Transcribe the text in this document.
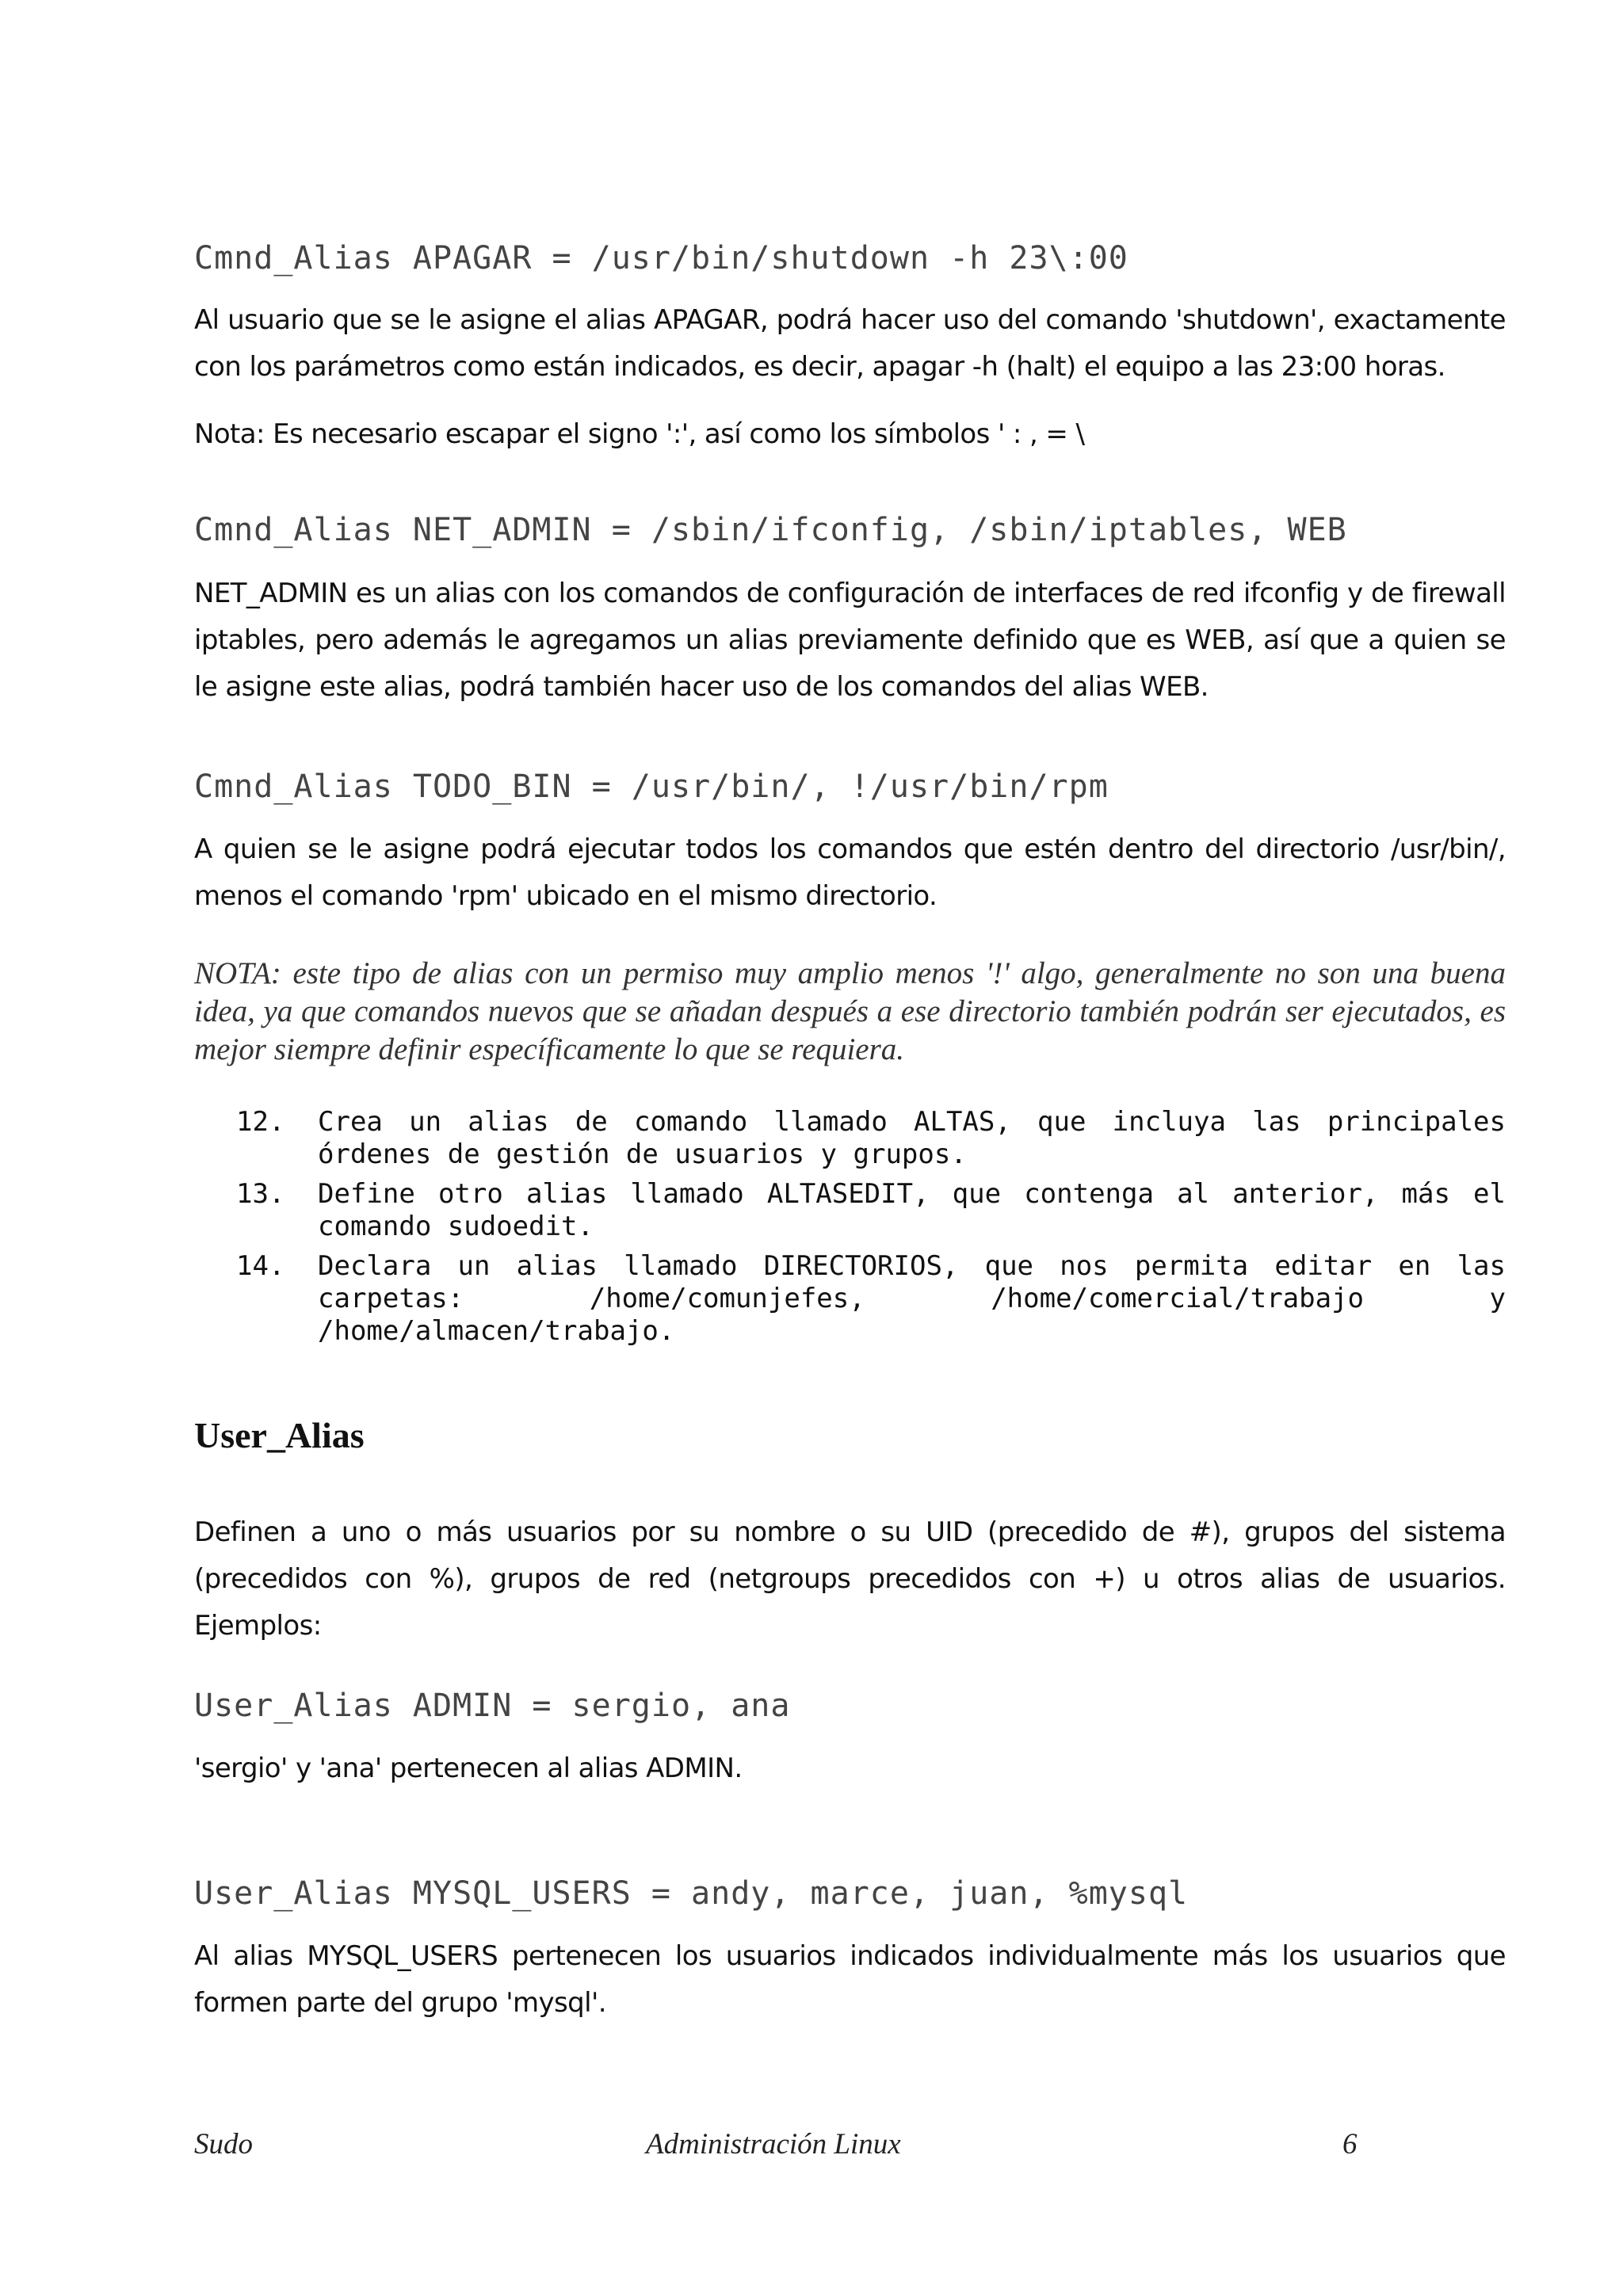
Cmnd_Alias APAGAR = /usr/bin/shutdown -h 23\:00

Al usuario que se le asigne el alias APAGAR, podrá hacer uso del comando 'shutdown', exactamente con los parámetros como están indicados, es decir, apagar -h (halt) el equipo a las 23:00 horas.

Nota: Es necesario escapar el signo ':', así como los símbolos ' : , = \

Cmnd_Alias NET_ADMIN = /sbin/ifconfig, /sbin/iptables, WEB

NET_ADMIN es un alias con los comandos de configuración de interfaces de red ifconfig y de firewall iptables, pero además le agregamos un alias previamente definido que es WEB, así que a quien se le asigne este alias, podrá también hacer uso de los comandos del alias WEB.

Cmnd_Alias TODO_BIN = /usr/bin/, !/usr/bin/rpm

A quien se le asigne podrá ejecutar todos los comandos que estén dentro del directorio /usr/bin/, menos el comando 'rpm' ubicado en el mismo directorio.

NOTA: este tipo de alias con un permiso muy amplio menos '!' algo, generalmente no son una buena idea, ya que comandos nuevos que se añadan después a ese directorio también podrán ser ejecutados, es mejor siempre definir específicamente lo que se requiera.

12. Crea un alias de comando llamado ALTAS, que incluya las principales órdenes de gestión de usuarios y grupos.
13. Define otro alias llamado ALTASEDIT, que contenga al anterior, más el comando sudoedit.
14. Declara un alias llamado DIRECTORIOS, que nos permita editar en las carpetas: /home/comunjefes, /home/comercial/trabajo y /home/almacen/trabajo.
User_Alias

Definen a uno o más usuarios por su nombre o su UID (precedido de #), grupos del sistema (precedidos con %), grupos de red (netgroups precedidos con +) u otros alias de usuarios. Ejemplos:

User_Alias ADMIN = sergio, ana

'sergio' y 'ana' pertenecen al alias ADMIN.

User_Alias MYSQL_USERS = andy, marce, juan, %mysql

Al alias MYSQL_USERS pertenecen los usuarios indicados individualmente más los usuarios que formen parte del grupo 'mysql'.

Sudo	Administración Linux	6
